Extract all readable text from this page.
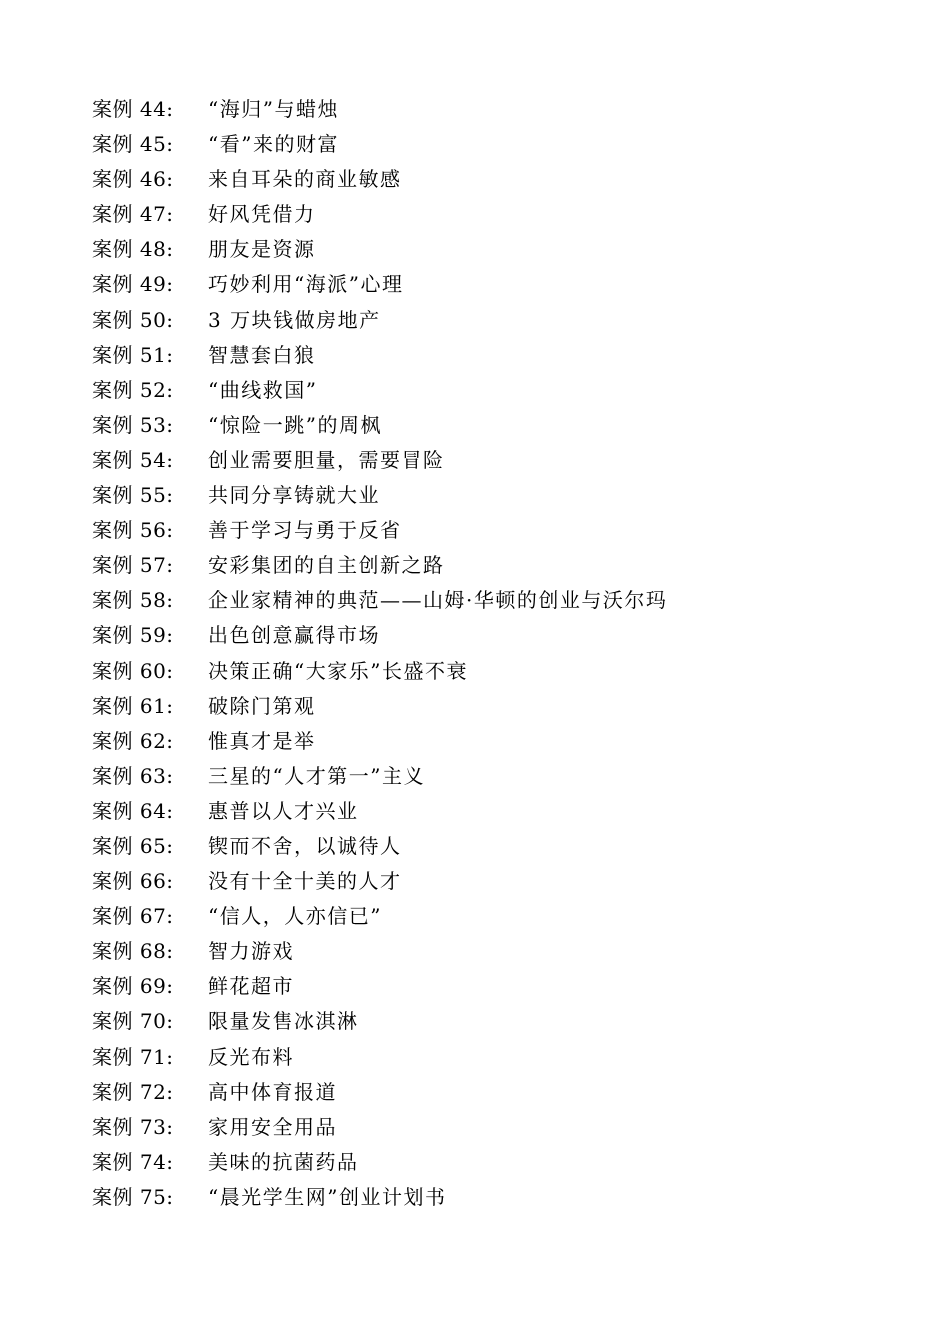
案例 44:	“海归”与蜡烛
案例 45:	“看”来的财富
案例 46:	来自耳朵的商业敏感
案例 47:	好风凭借力
案例 48:	朋友是资源
案例 49:	巧妙利用“海派”心理
案例 50:	3 万块钱做房地产
案例 51:	智慧套白狼
案例 52:	“曲线救国”
案例 53:	“惊险一跳”的周枫
案例 54:	创业需要胆量，需要冒险
案例 55:	共同分享铸就大业
案例 56:	善于学习与勇于反省
案例 57:	安彩集团的自主创新之路
案例 58:	企业家精神的典范——山姆·华顿的创业与沃尔玛
案例 59:	出色创意赢得市场
案例 60:	决策正确“大家乐”长盛不衰
案例 61:	破除门第观
案例 62:	惟真才是举
案例 63:	三星的“人才第一”主义
案例 64:	惠普以人才兴业
案例 65:	锲而不舍，以诚待人
案例 66:	没有十全十美的人才
案例 67:	“信人，人亦信已”
案例 68:	智力游戏
案例 69:	鲜花超市
案例 70:	限量发售冰淇淋
案例 71:	反光布料
案例 72:	高中体育报道
案例 73:	家用安全用品
案例 74:	美味的抗菌药品
案例 75:	“晨光学生网”创业计划书
